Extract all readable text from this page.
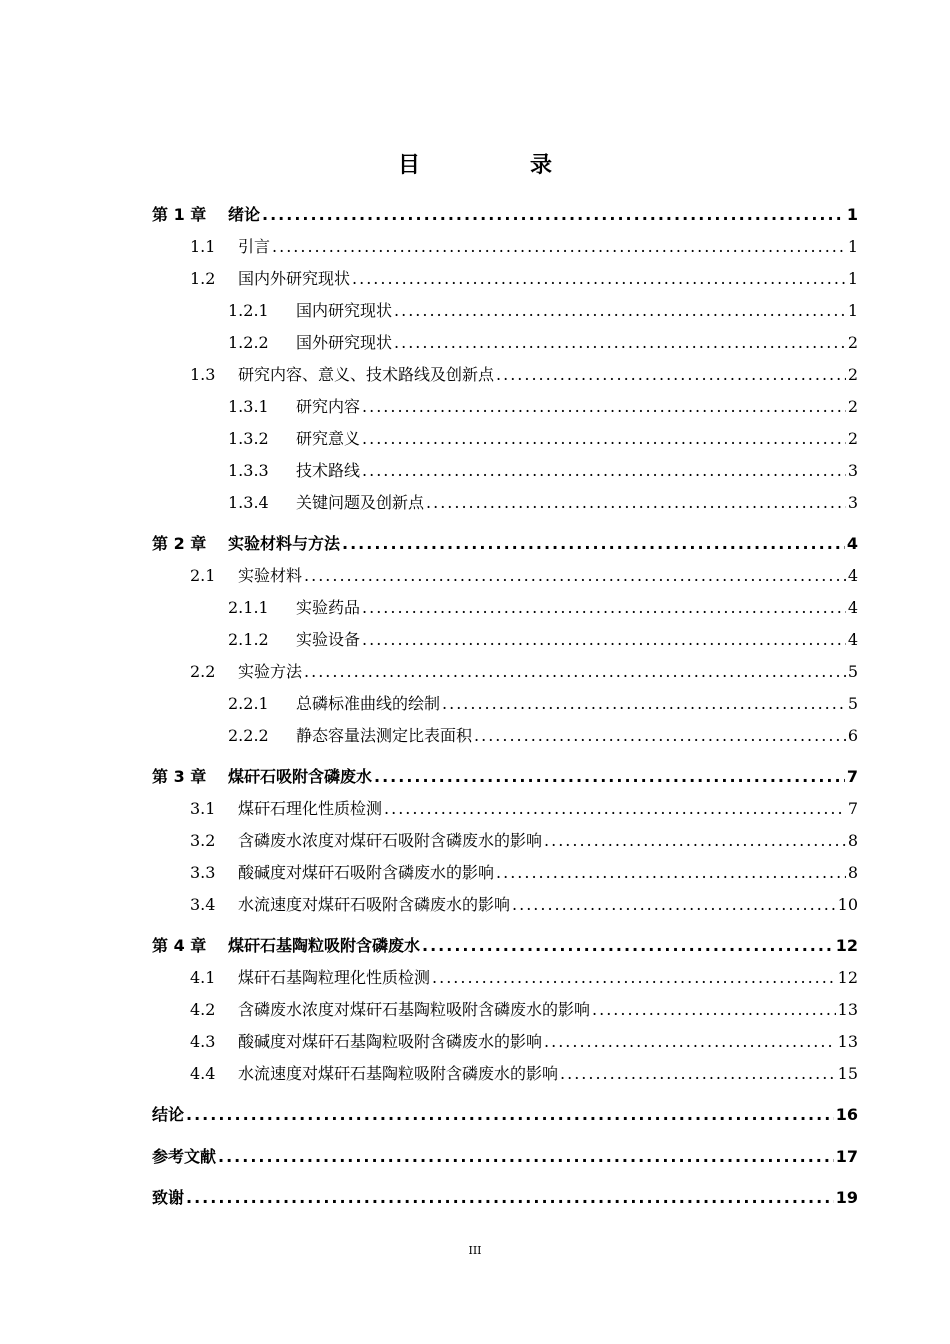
目　录
第 1 章	绪论 .....	1
1.1	引言 .....	1
1.2	国内外研究现状 .....	1
1.2.1	国内研究现状 .....	1
1.2.2	国外研究现状 .....	2
1.3	研究内容、意义、技术路线及创新点 .....	2
1.3.1	研究内容 .....	2
1.3.2	研究意义 .....	2
1.3.3	技术路线 .....	3
1.3.4	关键问题及创新点 .....	3
第 2 章	实验材料与方法 .....	4
2.1	实验材料 .....	4
2.1.1	实验药品 .....	4
2.1.2	实验设备 .....	4
2.2	实验方法 .....	5
2.2.1	总磷标准曲线的绘制 .....	5
2.2.2	静态容量法测定比表面积 .....	6
第 3 章	煤矸石吸附含磷废水 .....	7
3.1	煤矸石理化性质检测 .....	7
3.2	含磷废水浓度对煤矸石吸附含磷废水的影响 .....	8
3.3	酸碱度对煤矸石吸附含磷废水的影响 .....	8
3.4	水流速度对煤矸石吸附含磷废水的影响 .....	10
第 4 章	煤矸石基陶粒吸附含磷废水 .....	12
4.1	煤矸石基陶粒理化性质检测 .....	12
4.2	含磷废水浓度对煤矸石基陶粒吸附含磷废水的影响 .....	13
4.3	酸碱度对煤矸石基陶粒吸附含磷废水的影响 .....	13
4.4	水流速度对煤矸石基陶粒吸附含磷废水的影响 .....	15
结论 .....	16
参考文献 .....	17
致谢 .....	19
III
